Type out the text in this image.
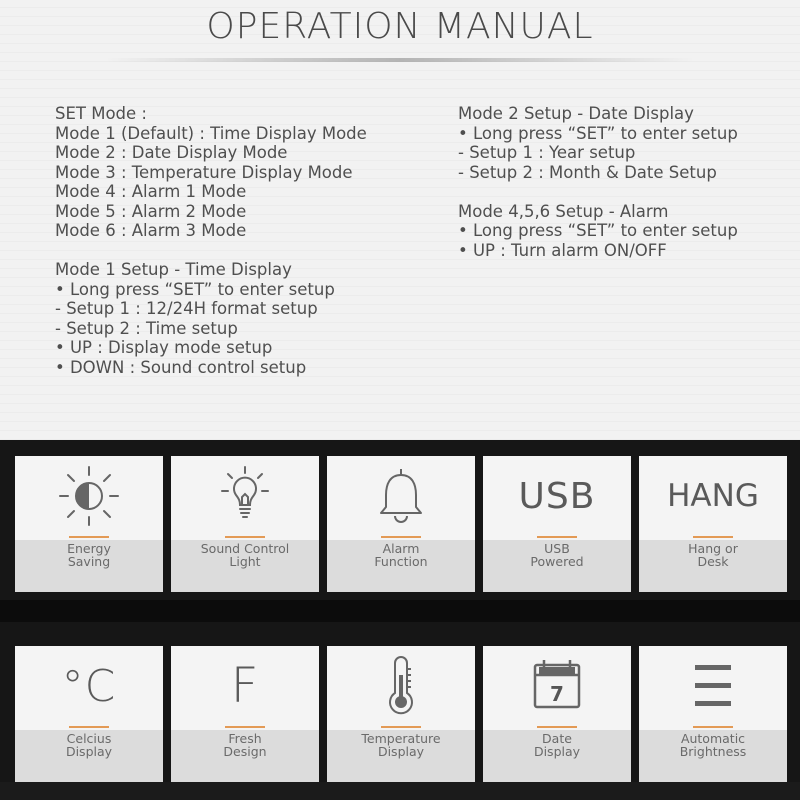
OPERATION MANUAL

SET Mode :

Mode 1 (Default) : Time Display Mode

Mode 2 : Date Display Mode

Mode 3 : Temperature Display Mode

Mode 4 : Alarm 1 Mode

Mode 5 : Alarm 2 Mode

Mode 6 : Alarm 3 Mode

Mode 1 Setup - Time Display

• Long press “SET” to enter setup

- Setup 1 : 12/24H format setup

- Setup 2 : Time setup

• UP : Display mode setup

• DOWN : Sound control setup

Mode 2 Setup - Date Display

• Long press “SET” to enter setup

- Setup 1 : Year setup

- Setup 2 : Month & Date Setup

Mode 4,5,6 Setup - Alarm

• Long press “SET” to enter setup

• UP : Turn alarm ON/OFF

Energy
Saving
Sound Control
Light
Alarm
Function
USB
USB
Powered
HANG
Hang or
Desk
°C
Celcius
Display
F
Fresh
Design
Temperature
Display
7
Date
Display
Automatic
Brightness
